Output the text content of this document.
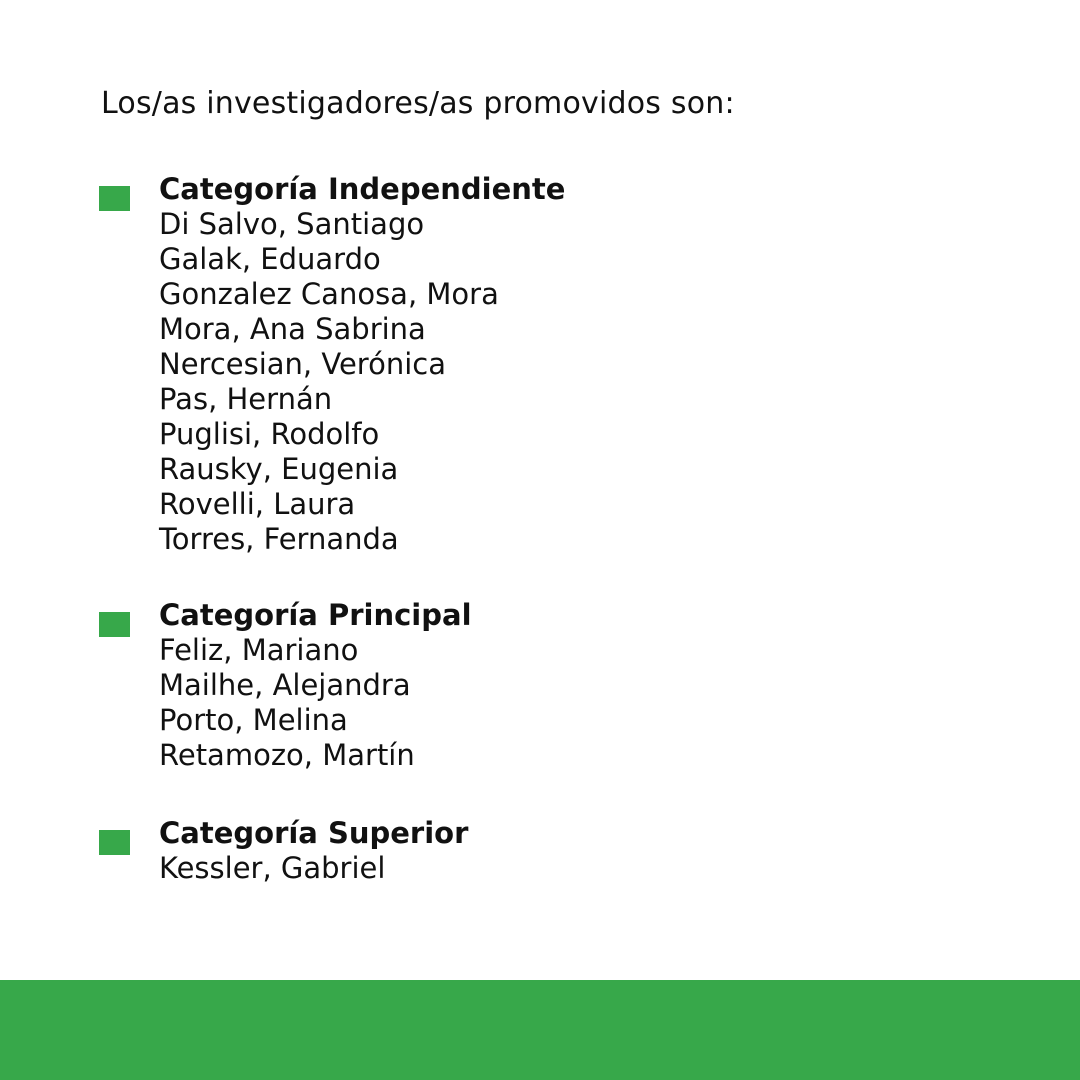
Los/as investigadores/as promovidos son:
Categoría Independiente
Di Salvo, Santiago
Galak, Eduardo
Gonzalez Canosa, Mora
Mora, Ana Sabrina
Nercesian, Verónica
Pas, Hernán
Puglisi, Rodolfo
Rausky, Eugenia
Rovelli, Laura
Torres, Fernanda
Categoría Principal
Feliz, Mariano
Mailhe, Alejandra
Porto, Melina
Retamozo, Martín
Categoría Superior
Kessler, Gabriel
